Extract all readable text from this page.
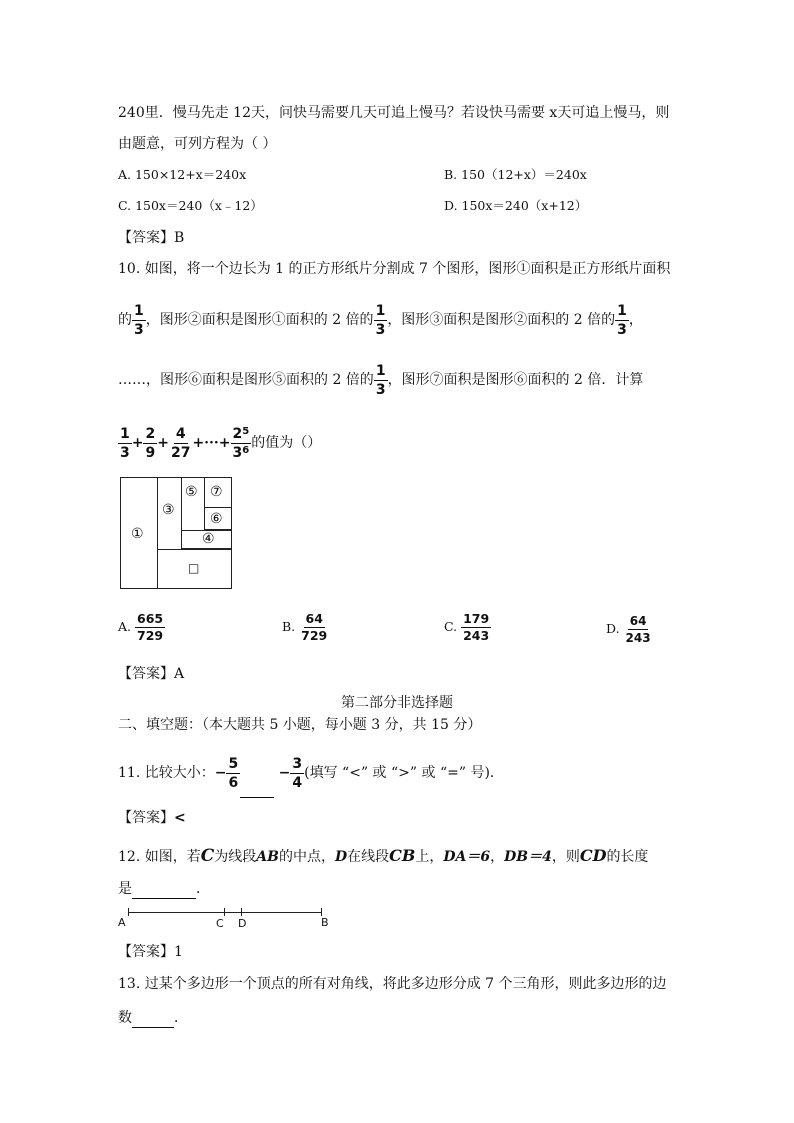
240里．慢马先走 12天，问快马需要几天可追上慢马？若设快马需要 x天可追上慢马，则
由题意，可列方程为（ ）
A. 150×12+x＝240x	B. 150（12+x）＝240x
C. 150x＝240（x﹣12）	D. 150x＝240（x+12）
【答案】B
10. 如图，将一个边长为 1 的正方形纸片分割成 7 个图形，图形①面积是正方形纸片面积
的 $\frac{1}{3}$ ，图形②面积是图形①面积的 2 倍的 $\frac{1}{3}$ ，图形③面积是图形②面积的 2 倍的 $\frac{1}{3}$ ，
……，图形⑥面积是图形⑤面积的 2 倍的 $\frac{1}{3}$ ，图形⑦面积是图形⑥面积的 2 倍．计算
$\frac{1}{3} + \frac{2}{9} + \frac{4}{27}$ +···+ $\frac{2^5}{3^6}$ 的值为（）
①
③
⑤ ⑦
⑥
④
□
A. $\frac{665}{729}$	B. $\frac{64}{729}$	C. $\frac{179}{243}$	D. $\frac{64}{243}$
【答案】A
第二部分非选择题
二、填空题：（本大题共 5 小题，每小题 3 分，共 15 分）
11. 比较大小：− $\frac{5}{6}$	− $\frac{3}{4}$ (填写 “<” 或 “>” 或 “=” 号)．
【答案】<
12. 如图，若C为线段AB的中点，D在线段CB上，DA＝6，DB＝4，则CD的长度
是	．
A	C D	B
【答案】1
13. 过某个多边形一个顶点的所有对角线，将此多边形分成 7 个三角形，则此多边形的边
数	．
